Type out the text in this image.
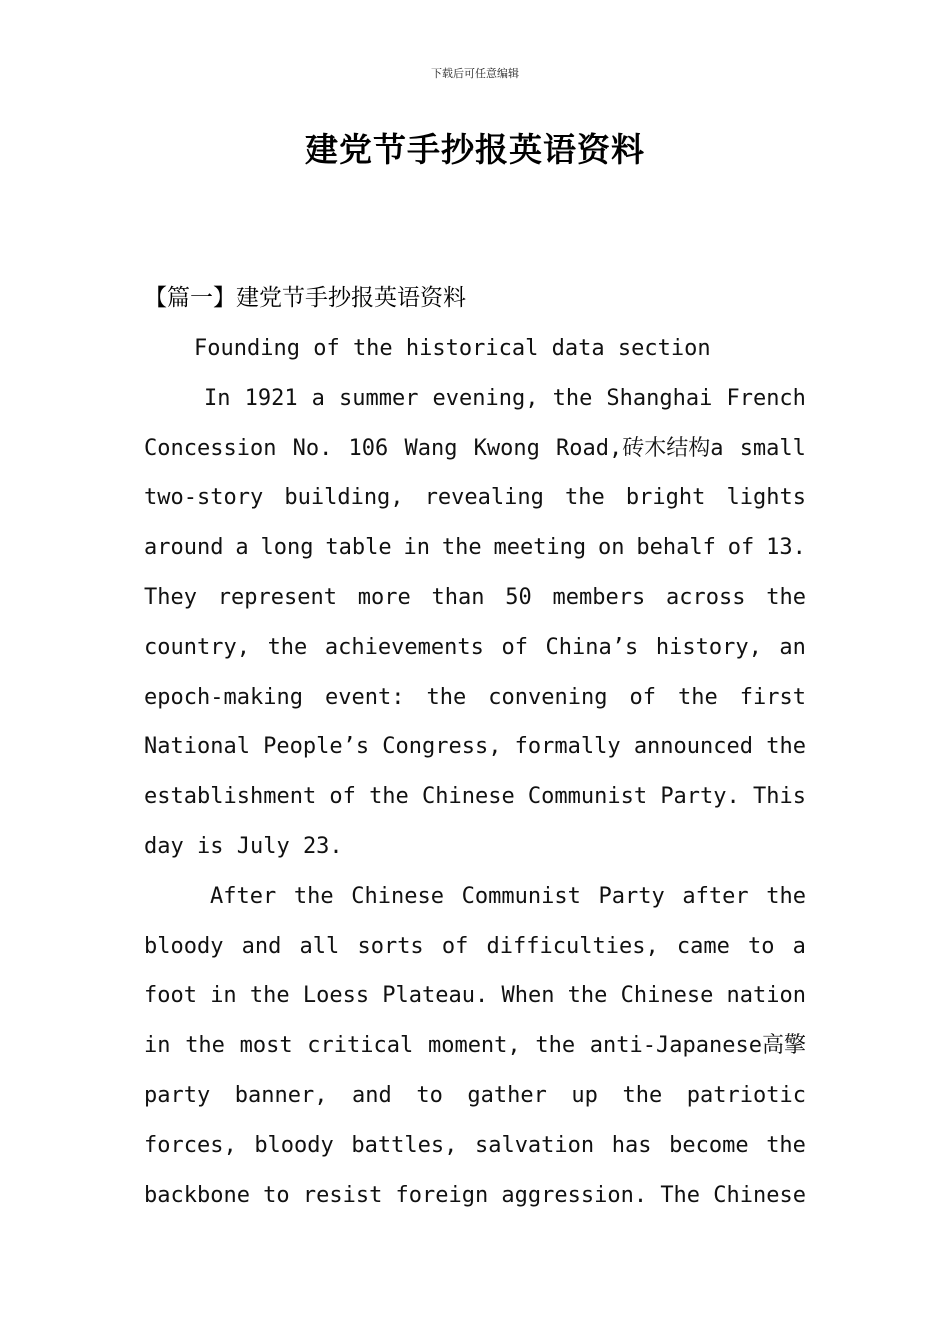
下载后可任意编辑
建党节手抄报英语资料
【篇一】建党节手抄报英语资料
Founding of the historical data section
In 1921 a summer evening, the Shanghai French
Concession No. 106 Wang Kwong Road,砖木结构a small
two-story building, revealing the bright lights
around a long table in the meeting on behalf of 13.
They represent more than 50 members across the
country, the achievements of China’s history, an
epoch-making event: the convening of the first
National People’s Congress, formally announced the
establishment of the Chinese Communist Party. This
day is July 23.
After the Chinese Communist Party after the
bloody and all sorts of difficulties, came to a
foot in the Loess Plateau. When the Chinese nation
in the most critical moment, the anti-Japanese高擎
party banner, and to gather up the patriotic
forces, bloody battles, salvation has become the
backbone to resist foreign aggression. The Chinese
